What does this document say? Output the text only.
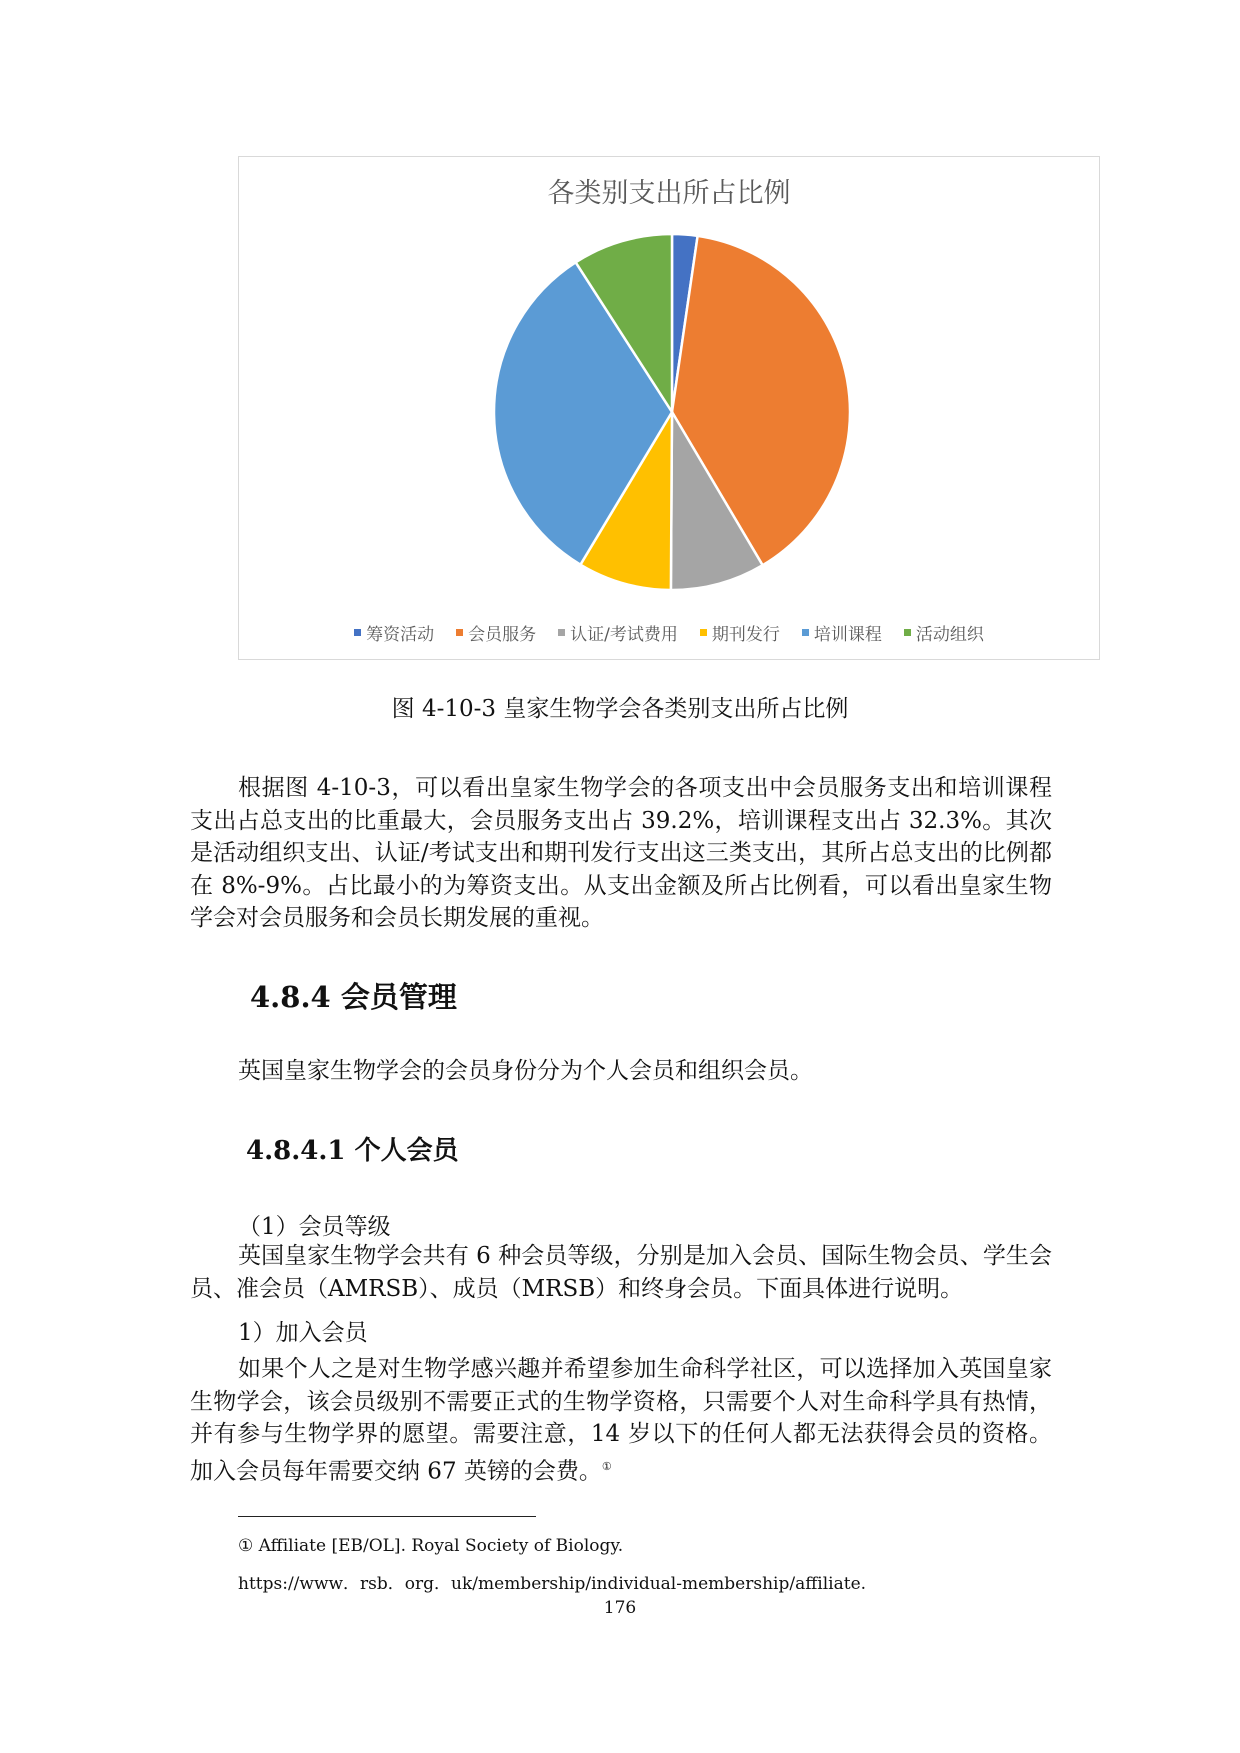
各类别支出所占比例
筹资活动 会员服务 认证/考试费用 期刊发行 培训课程 活动组织
图 4-10-3 皇家生物学会各类别支出所占比例
根据图 4-10-3，可以看出皇家生物学会的各项支出中会员服务支出和培训课程支出占总支出的比重最大，会员服务支出占 39.2%，培训课程支出占 32.3%。其次是活动组织支出、认证/考试支出和期刊发行支出这三类支出，其所占总支出的比例都在 8%-9%。占比最小的为筹资支出。从支出金额及所占比例看，可以看出皇家生物学会对会员服务和会员长期发展的重视。
4.8.4 会员管理

英国皇家生物学会的会员身份分为个人会员和组织会员。

4.8.4.1 个人会员

（1）会员等级

英国皇家生物学会共有 6 种会员等级，分别是加入会员、国际生物会员、学生会员、准会员（AMRSB）、成员（MRSB）和终身会员。下面具体进行说明。

1）加入会员

如果个人之是对生物学感兴趣并希望参加生命科学社区，可以选择加入英国皇家生物学会，该会员级别不需要正式的生物学资格，只需要个人对生命科学具有热情，并有参与生物学界的愿望。需要注意，14 岁以下的任何人都无法获得会员的资格。加入会员每年需要交纳 67 英镑的会费。①

① Affiliate [EB/OL]. Royal Society of Biology.

https://www．rsb．org．uk/membership/individual-membership/affiliate.

176
